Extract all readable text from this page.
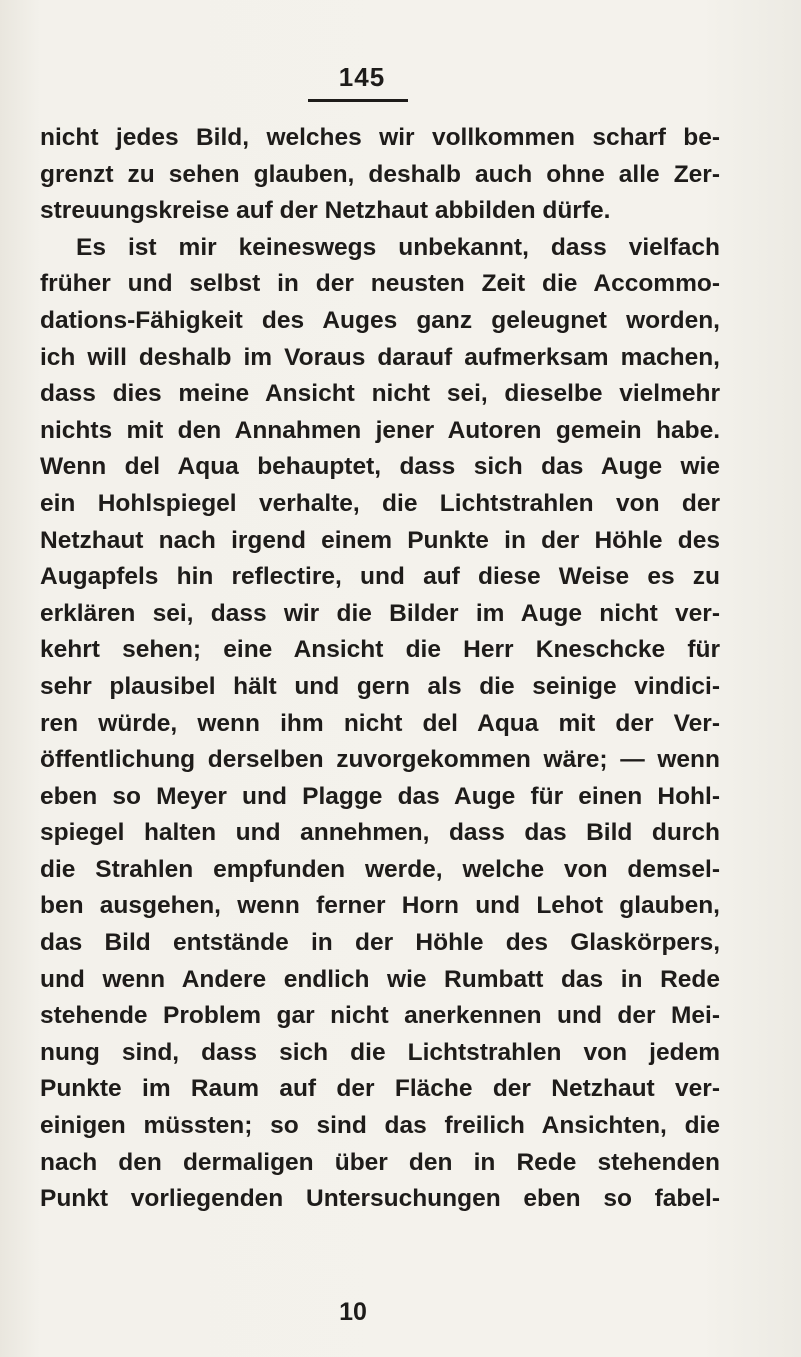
145
nicht jedes Bild, welches wir vollkommen scharf be-
grenzt zu sehen glauben, deshalb auch ohne alle Zer-
streuungskreise auf der Netzhaut abbilden dürfe.
Es ist mir keineswegs unbekannt, dass vielfach
früher und selbst in der neusten Zeit die Accommo-
dations-Fähigkeit des Auges ganz geleugnet worden,
ich will deshalb im Voraus darauf aufmerksam machen,
dass dies meine Ansicht nicht sei, dieselbe vielmehr
nichts mit den Annahmen jener Autoren gemein habe.
Wenn del Aqua behauptet, dass sich das Auge wie
ein Hohlspiegel verhalte, die Lichtstrahlen von der
Netzhaut nach irgend einem Punkte in der Höhle des
Augapfels hin reflectire, und auf diese Weise es zu
erklären sei, dass wir die Bilder im Auge nicht ver-
kehrt sehen; eine Ansicht die Herr Kneschcke für
sehr plausibel hält und gern als die seinige vindici-
ren würde, wenn ihm nicht del Aqua mit der Ver-
öffentlichung derselben zuvorgekommen wäre; — wenn
eben so Meyer und Plagge das Auge für einen Hohl-
spiegel halten und annehmen, dass das Bild durch
die Strahlen empfunden werde, welche von demsel-
ben ausgehen, wenn ferner Horn und Lehot glauben,
das Bild entstände in der Höhle des Glaskörpers,
und wenn Andere endlich wie Rumbatt das in Rede
stehende Problem gar nicht anerkennen und der Mei-
nung sind, dass sich die Lichtstrahlen von jedem
Punkte im Raum auf der Fläche der Netzhaut ver-
einigen müssten; so sind das freilich Ansichten, die
nach den dermaligen über den in Rede stehenden
Punkt vorliegenden Untersuchungen eben so fabel-
10
